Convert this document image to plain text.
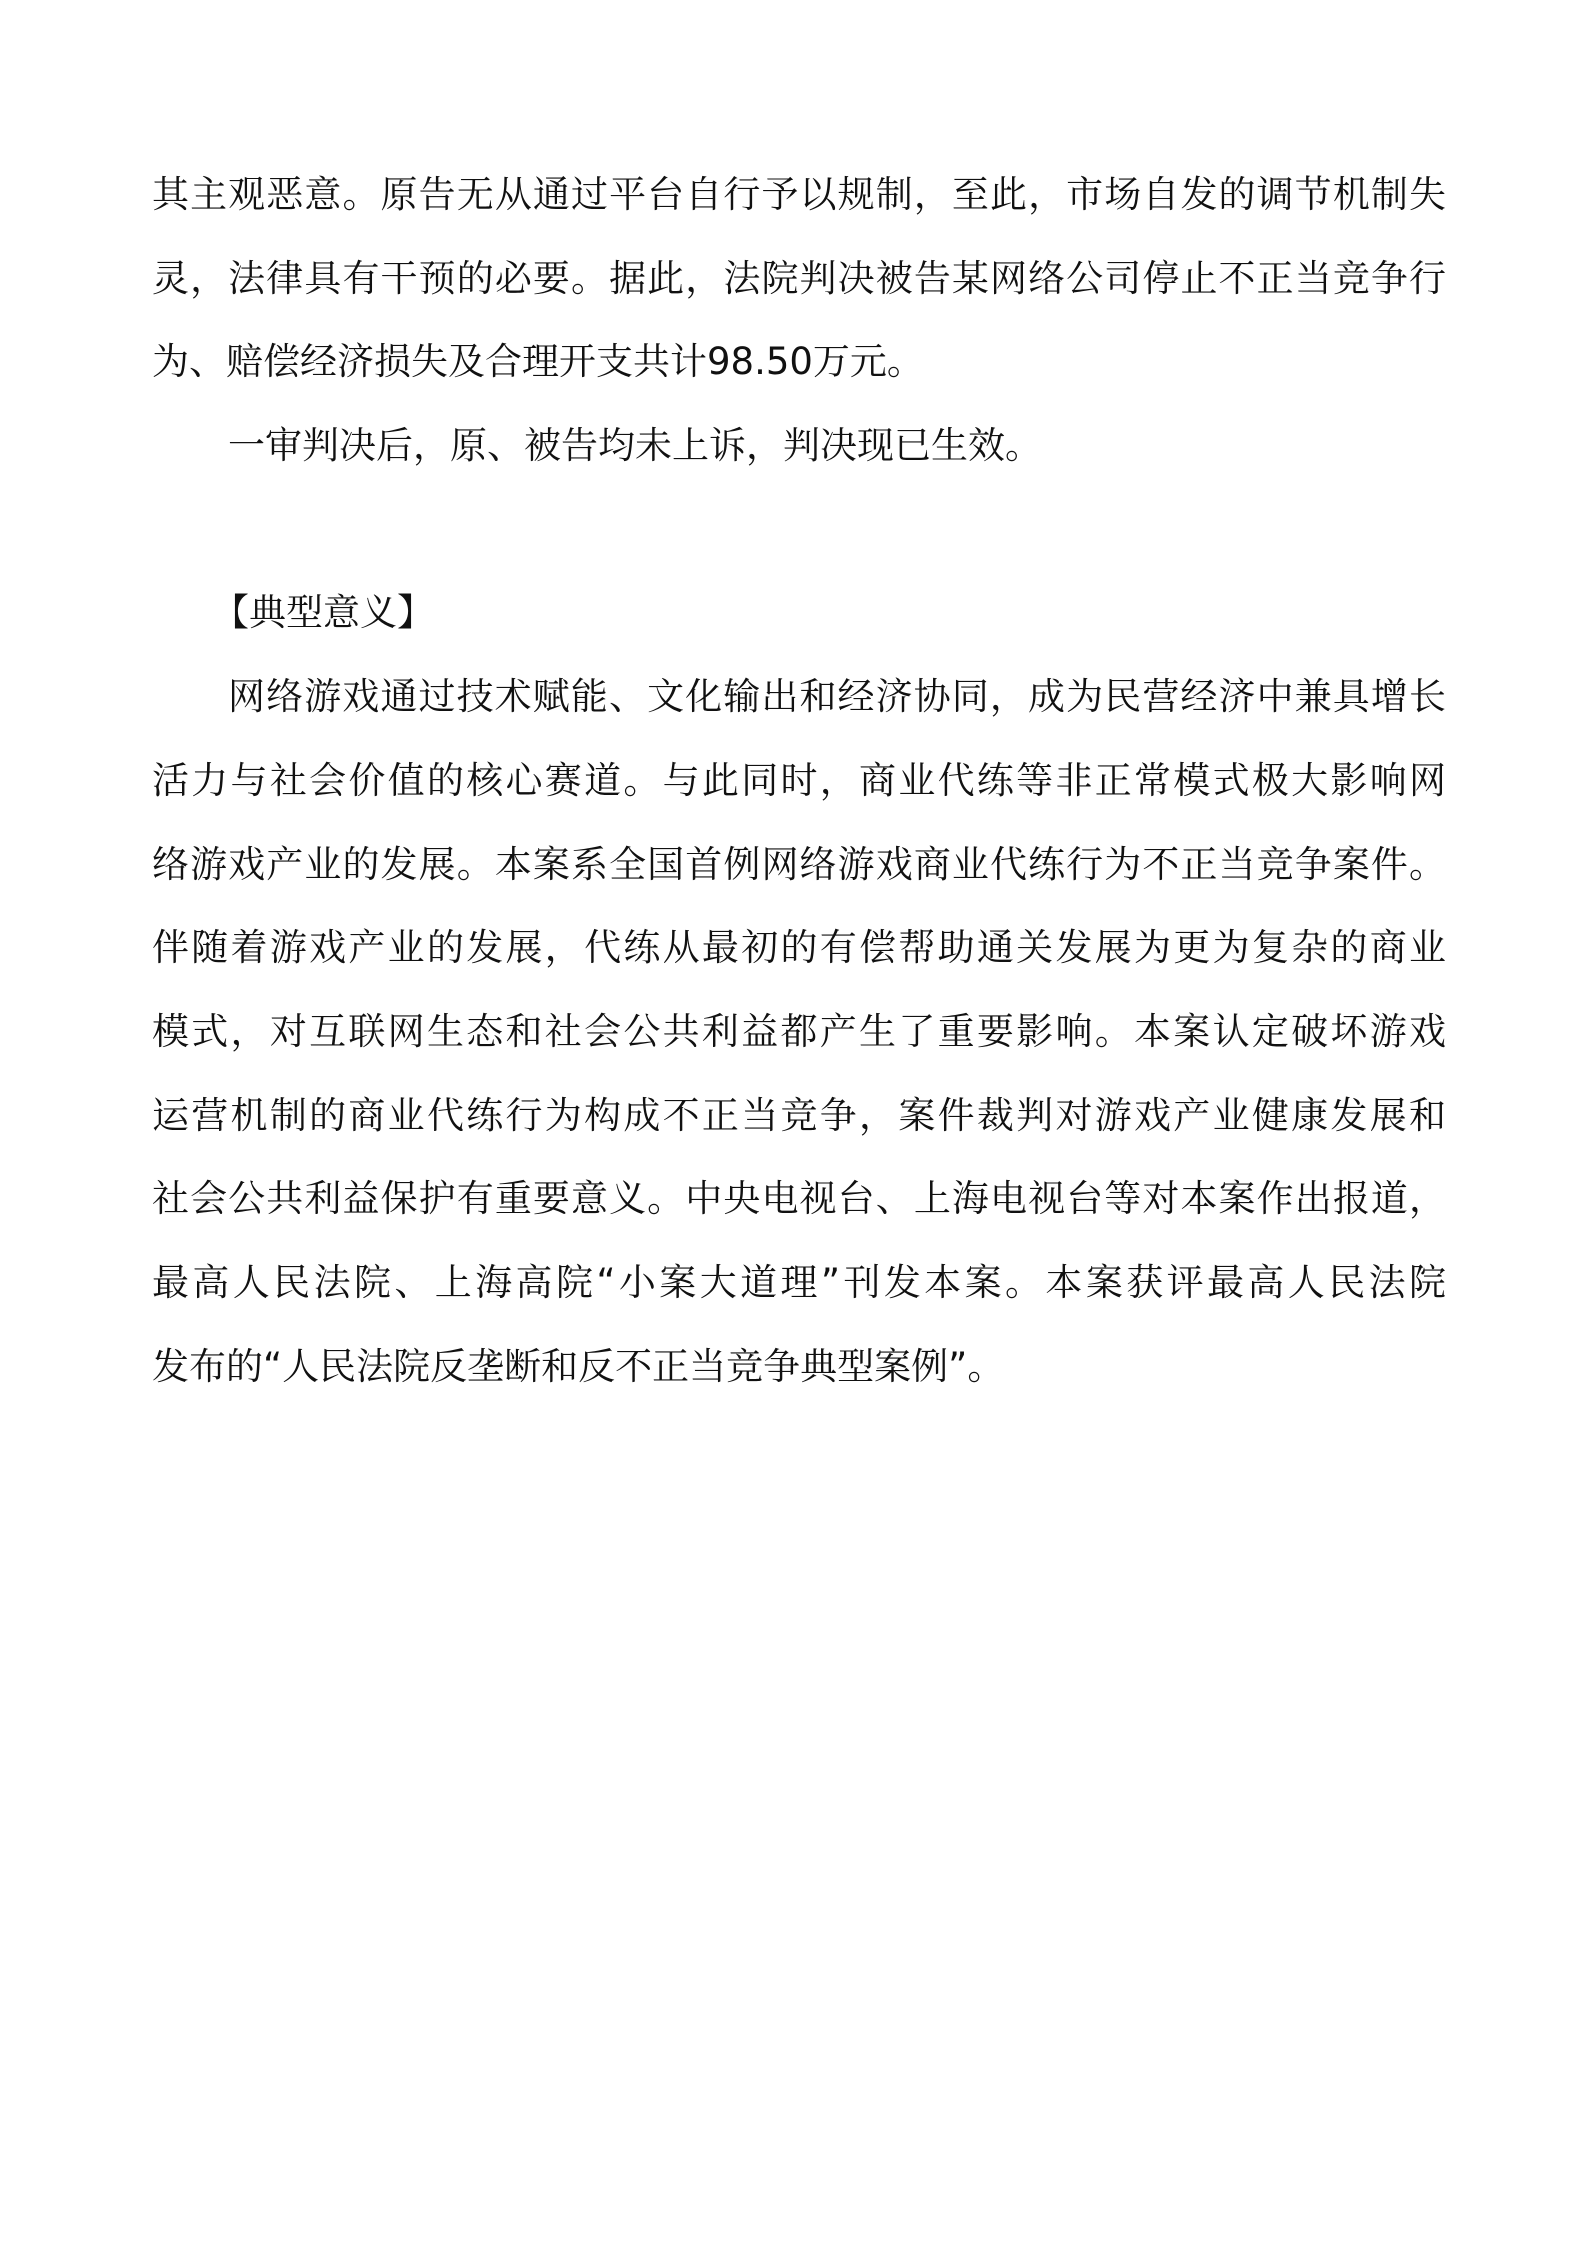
其主观恶意。原告无从通过平台自行予以规制，至此，市场自发的调节机制失
灵，法律具有干预的必要。据此，法院判决被告某网络公司停止不正当竞争行
为、赔偿经济损失及合理开支共计98.50万元。
一审判决后，原、被告均未上诉，判决现已生效。
【典型意义】
网络游戏通过技术赋能、文化输出和经济协同，成为民营经济中兼具增长
活力与社会价值的核心赛道。与此同时，商业代练等非正常模式极大影响网
络游戏产业的发展。本案系全国首例网络游戏商业代练行为不正当竞争案件。
伴随着游戏产业的发展，代练从最初的有偿帮助通关发展为更为复杂的商业
模式，对互联网生态和社会公共利益都产生了重要影响。本案认定破坏游戏
运营机制的商业代练行为构成不正当竞争，案件裁判对游戏产业健康发展和
社会公共利益保护有重要意义。中央电视台、上海电视台等对本案作出报道，
最高人民法院、上海高院“小案大道理”刊发本案。本案获评最高人民法院
发布的“人民法院反垄断和反不正当竞争典型案例”。
